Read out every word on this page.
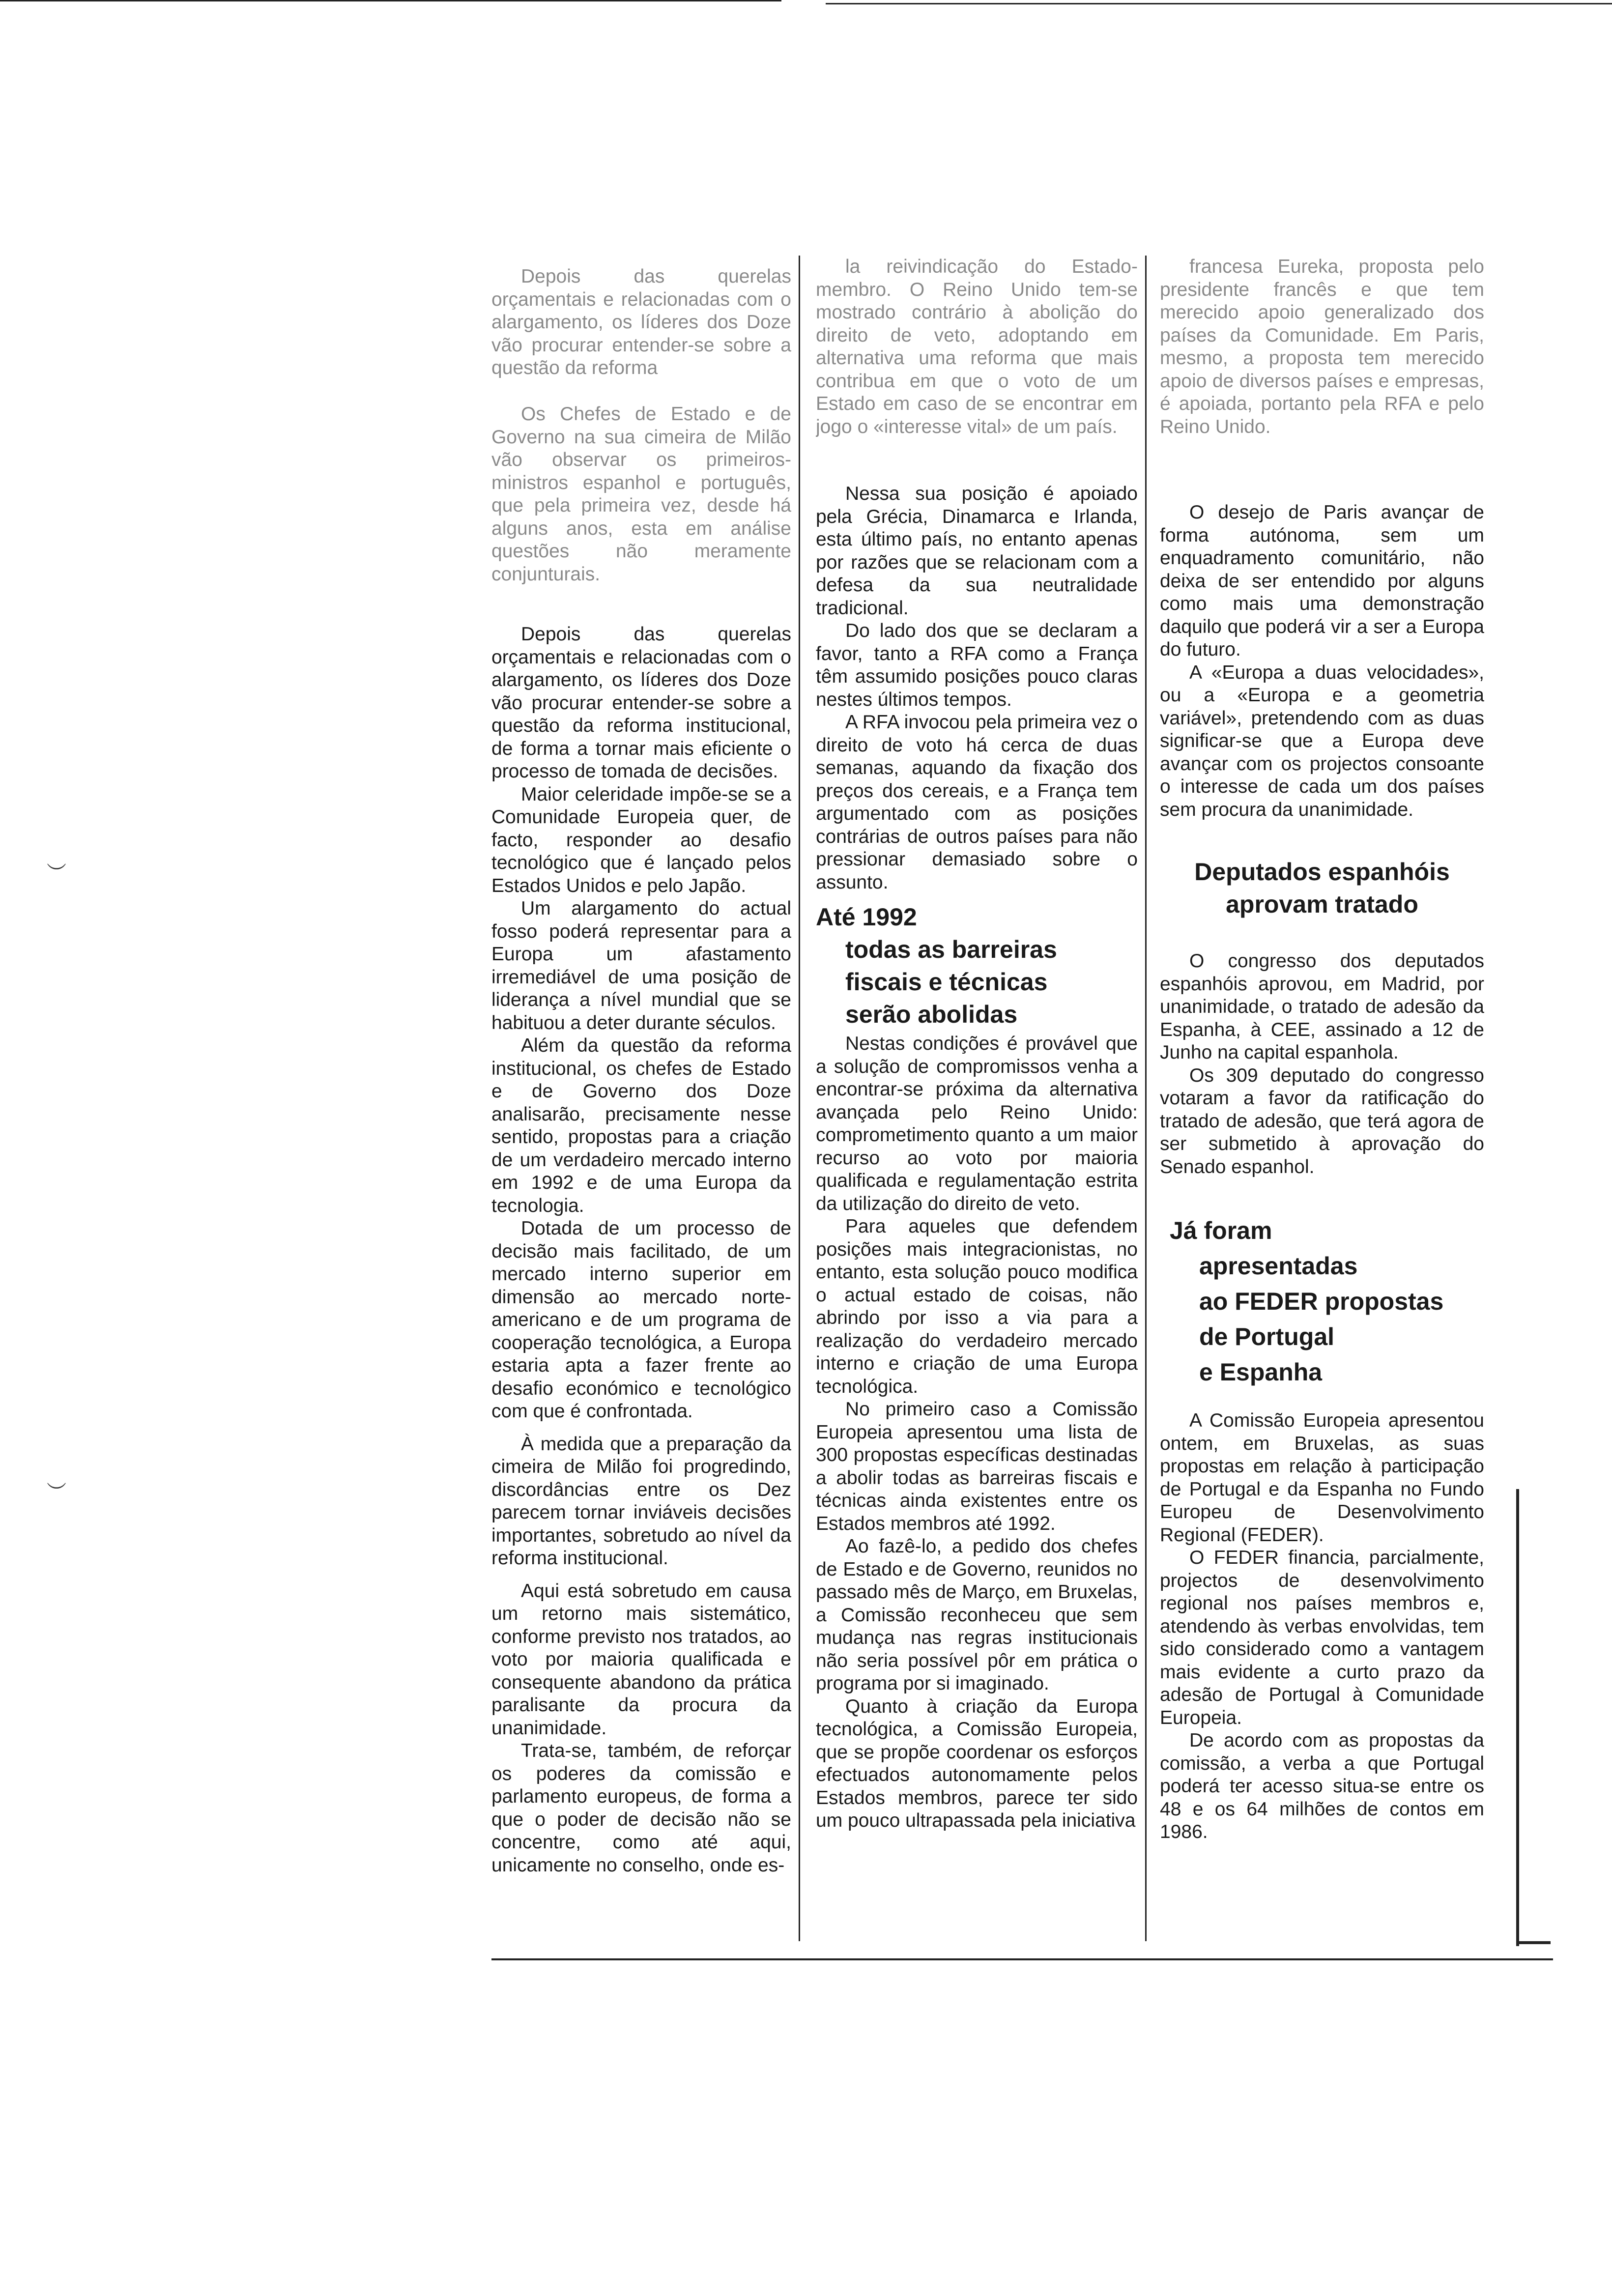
︶
︶

Depois das querelas orçamentais e relacionadas com o alargamento, os líderes dos Doze vão procurar entender-se sobre a questão da reforma

Os Chefes de Estado e de Governo na sua cimeira de Milão vão observar os primeiros-ministros espanhol e português, que pela primeira vez, desde há alguns anos, esta em análise questões não meramente conjunturais.

Depois das querelas orçamentais e relacionadas com o alargamento, os líderes dos Doze vão procurar entender-se sobre a questão da reforma institucional, de forma a tornar mais eficiente o processo de tomada de decisões.

Maior celeridade impõe-se se a Comunidade Europeia quer, de facto, responder ao desafio tecnológico que é lançado pelos Estados Unidos e pelo Japão.

Um alargamento do actual fosso poderá representar para a Europa um afastamento irremediável de uma posição de liderança a nível mundial que se habituou a deter durante séculos.

Além da questão da reforma institucional, os chefes de Estado e de Governo dos Doze analisarão, precisamente nesse sentido, propostas para a criação de um verdadeiro mercado interno em 1992 e de uma Europa da tecnologia.

Dotada de um processo de decisão mais facilitado, de um mercado interno superior em dimensão ao mercado norte-americano e de um programa de cooperação tecnológica, a Europa estaria apta a fazer frente ao desafio económico e tecnológico com que é confrontada.

À medida que a preparação da cimeira de Milão foi progredindo, discordâncias entre os Dez parecem tornar inviáveis decisões importantes, sobretudo ao nível da reforma institucional.

Aqui está sobretudo em causa um retorno mais sistemático, conforme previsto nos tratados, ao voto por maioria qualificada e consequente abandono da prática paralisante da procura da unanimidade.

Trata-se, também, de reforçar os poderes da comissão e parlamento europeus, de forma a que o poder de decisão não se concentre, como até aqui, unicamente no conselho, onde es-

la reivindicação do Estado-membro. O Reino Unido tem-se mostrado contrário à abolição do direito de veto, adoptando em alternativa uma reforma que mais contribua em que o voto de um Estado em caso de se encontrar em jogo o «interesse vital» de um país.

Nessa sua posição é apoiado pela Grécia, Dinamarca e Irlanda, esta último país, no entanto apenas por razões que se relacionam com a defesa da sua neutralidade tradicional.

Do lado dos que se declaram a favor, tanto a RFA como a França têm assumido posições pouco claras nestes últimos tempos.

A RFA invocou pela primeira vez o direito de voto há cerca de duas semanas, aquando da fixação dos preços dos cereais, e a França tem argumentado com as posições contrárias de outros países para não pressionar demasiado sobre o assunto.

Até 1992
todas as barreiras
fiscais e técnicas
serão abolidas

Nestas condições é provável que a solução de compromissos venha a encontrar-se próxima da alternativa avançada pelo Reino Unido: comprometimento quanto a um maior recurso ao voto por maioria qualificada e regulamentação estrita da utilização do direito de veto.

Para aqueles que defendem posições mais integracionistas, no entanto, esta solução pouco modifica o actual estado de coisas, não abrindo por isso a via para a realização do verdadeiro mercado interno e criação de uma Europa tecnológica.

No primeiro caso a Comissão Europeia apresentou uma lista de 300 propostas específicas destinadas a abolir todas as barreiras fiscais e técnicas ainda existentes entre os Estados membros até 1992.

Ao fazê-lo, a pedido dos chefes de Estado e de Governo, reunidos no passado mês de Março, em Bruxelas, a Comissão reconheceu que sem mudança nas regras institucionais não seria possível pôr em prática o programa por si imaginado.

Quanto à criação da Europa tecnológica, a Comissão Europeia, que se propõe coordenar os esforços efectuados autonomamente pelos Estados membros, parece ter sido um pouco ultrapassada pela iniciativa

francesa Eureka, proposta pelo presidente francês e que tem merecido apoio generalizado dos países da Comunidade. Em Paris, mesmo, a proposta tem merecido apoio de diversos países e empresas, é apoiada, portanto pela RFA e pelo Reino Unido.

O desejo de Paris avançar de forma autónoma, sem um enquadramento comunitário, não deixa de ser entendido por alguns como mais uma demonstração daquilo que poderá vir a ser a Europa do futuro.

A «Europa a duas velocidades», ou a «Europa e a geometria variável», pretendendo com as duas significar-se que a Europa deve avançar com os projectos consoante o interesse de cada um dos países sem procura da unanimidade.

Deputados espanhóis
aprovam tratado

O congresso dos deputados espanhóis aprovou, em Madrid, por unanimidade, o tratado de adesão da Espanha, à CEE, assinado a 12 de Junho na capital espanhola.

Os 309 deputado do congresso votaram a favor da ratificação do tratado de adesão, que terá agora de ser submetido à aprovação do Senado espanhol.

Já foram
apresentadas
ao FEDER propostas
de Portugal
e Espanha

A Comissão Europeia apresentou ontem, em Bruxelas, as suas propostas em relação à participação de Portugal e da Espanha no Fundo Europeu de Desenvolvimento Regional (FEDER).

O FEDER financia, parcialmente, projectos de desenvolvimento regional nos países membros e, atendendo às verbas envolvidas, tem sido considerado como a vantagem mais evidente a curto prazo da adesão de Portugal à Comunidade Europeia.

De acordo com as propostas da comissão, a verba a que Portugal poderá ter acesso situa-se entre os 48 e os 64 milhões de contos em 1986.
